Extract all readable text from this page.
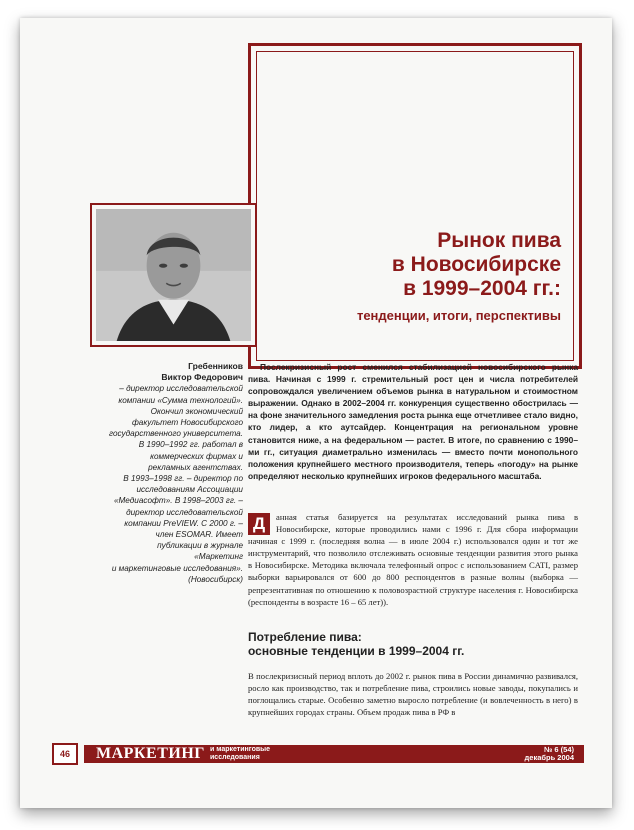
Рынок пива
в Новосибирске
в 1999–2004 гг.:
тенденции, итоги, перспективы
Гребенников
Виктор Федорович
– директор исследовательской
компании «Сумма технологий».
Окончил экономический
факультет Новосибирского
государственного университета.
В 1990–1992 гг. работал в
коммерческих фирмах и
рекламных агентствах.
В 1993–1998 гг. – директор по
исследованиям Ассоциации
«Медиасофт». В 1998–2003 гг. –
директор исследовательской
компании PreVIEW. С 2000 г. –
член ESOMAR. Имеет
публикации в журнале
«Маркетинг
и маркетинговые исследования».
(Новосибирск)
Послекризисный рост сменился стабилизацией новосибирского рынка пива. Начиная с 1999 г. стремительный рост цен и числа потребителей сопровождался увеличением объемов рынка в натуральном и стоимостном выражении. Однако в 2002–2004 гг. конкуренция существенно обострилась — на фоне значительного замедления роста рынка еще отчетливее стало видно, кто лидер, а кто аутсайдер. Концентрация на региональном уровне становится ниже, а на федеральном — растет. В итоге, по сравнению с 1990–ми гг., ситуация диаметрально изменилась — вместо почти монопольного положения крупнейшего местного производителя, теперь «погоду» на рынке определяют несколько крупнейших игроков федерального масштаба.
Д	анная статья базируется на результатах исследований рынка пива в Новосибирске, которые проводились нами с 1996 г. Для сбора информации начиная с 1999 г. (последняя волна — в июле 2004 г.) использовался один и тот же инструментарий, что позволило отслеживать основные тенденции развития этого рынка в Новосибирске. Методика включала телефонный опрос с использованием CATI, размер выборки варьировался от 600 до 800 респондентов в разные волны (выборка — репрезентативная по отношению к половозрастной структуре населения г. Новосибирска (респонденты в возрасте 16 – 65 лет)).
Потребление пива:
основные тенденции в 1999–2004 гг.
В послекризисный период вплоть до 2002 г. рынок пива в России динамично развивался, росло как производство, так и потребление пива, строились новые заводы, покупались и поглощались старые. Особенно заметно выросло потребление (и вовлеченность в него) в крупнейших городах страны. Объем продаж пива в РФ в
46	МАРКЕТИНГ и маркетинговые
исследования
№ 6 (54)
декабрь 2004
